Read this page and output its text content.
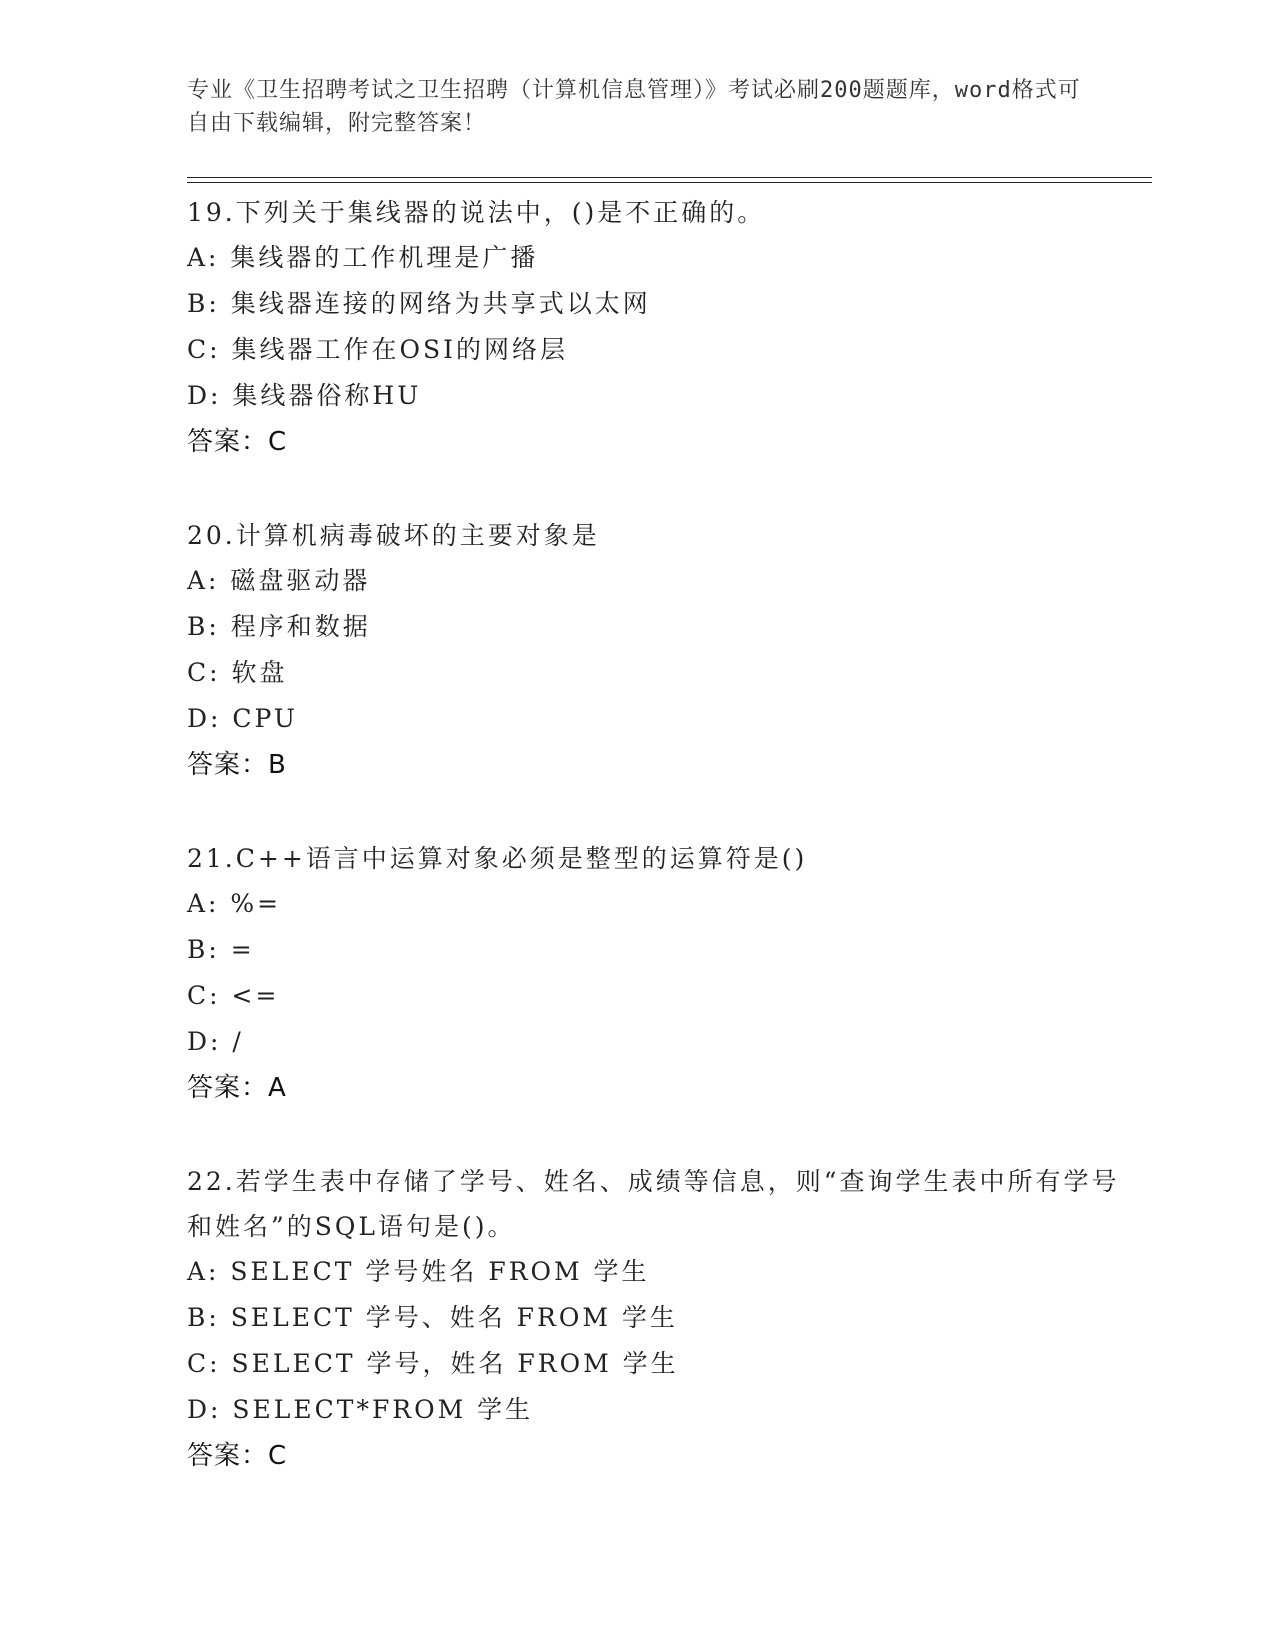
专业《卫生招聘考试之卫生招聘（计算机信息管理）》考试必刷200题题库，word格式可自由下载编辑，附完整答案！
19.下列关于集线器的说法中，()是不正确的。
A: 集线器的工作机理是广播
B: 集线器连接的网络为共享式以太网
C: 集线器工作在OSI的网络层
D: 集线器俗称HU
答案：C
20.计算机病毒破坏的主要对象是
A: 磁盘驱动器
B: 程序和数据
C: 软盘
D: CPU
答案：B
21.C++语言中运算对象必须是整型的运算符是()
A: %=
B: =
C: <=
D: /
答案：A
22.若学生表中存储了学号、姓名、成绩等信息，则“查询学生表中所有学号和姓名”的SQL语句是()。
A: SELECT 学号姓名 FROM 学生
B: SELECT 学号、姓名 FROM 学生
C: SELECT 学号，姓名 FROM 学生
D: SELECT*FROM 学生
答案：C
